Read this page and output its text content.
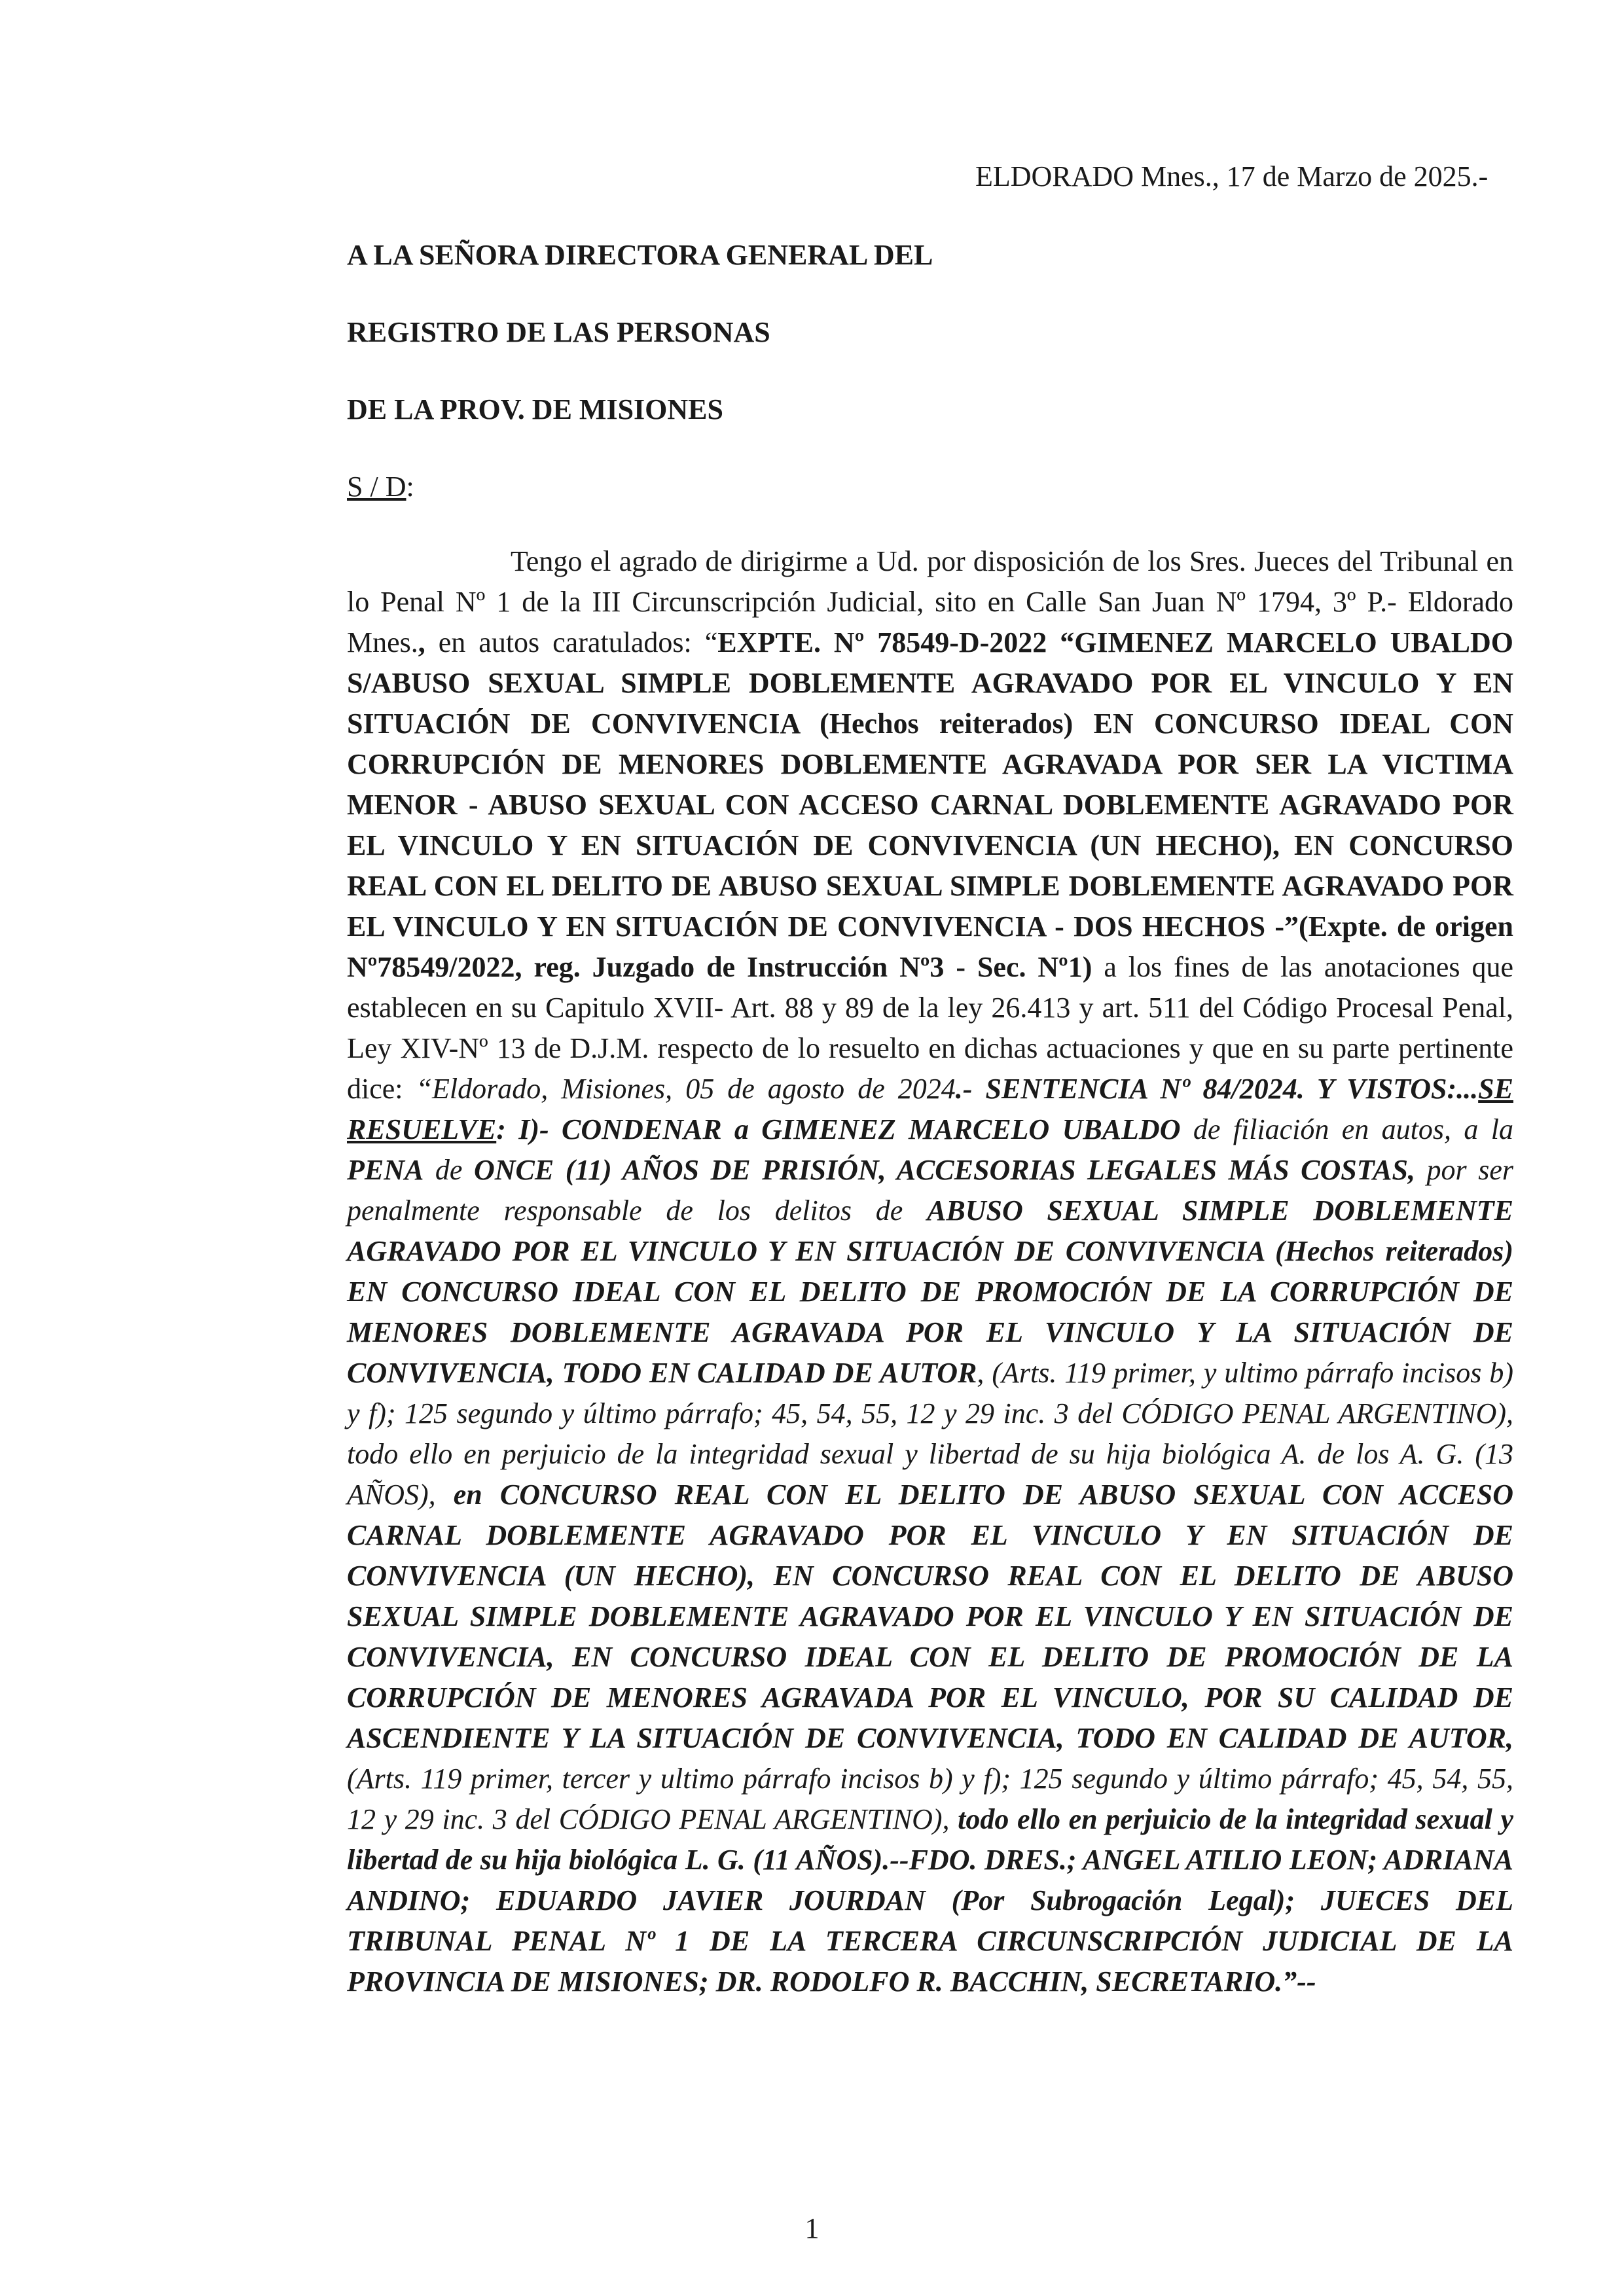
ELDORADO Mnes., 17 de Marzo de 2025.-
A LA SEÑORA DIRECTORA GENERAL DEL
REGISTRO DE LAS PERSONAS
DE LA PROV. DE MISIONES
S / D:

Tengo el agrado de dirigirme a Ud. por disposición de los Sres. Jueces del Tribunal en lo Penal Nº 1 de la III Circunscripción Judicial, sito en Calle San Juan Nº 1794, 3º P.- Eldorado Mnes., en autos caratulados: “EXPTE. Nº 78549-D-2022 “GIMENEZ MARCELO UBALDO S/ABUSO SEXUAL SIMPLE DOBLEMENTE AGRAVADO POR EL VINCULO Y EN SITUACIÓN DE CONVIVENCIA (Hechos reiterados) EN CONCURSO IDEAL CON CORRUPCIÓN DE MENORES DOBLEMENTE AGRAVADA POR SER LA VICTIMA MENOR - ABUSO SEXUAL CON ACCESO CARNAL DOBLEMENTE AGRAVADO POR EL VINCULO Y EN SITUACIÓN DE CONVIVENCIA (UN HECHO), EN CONCURSO REAL CON EL DELITO DE ABUSO SEXUAL SIMPLE DOBLEMENTE AGRAVADO POR EL VINCULO Y EN SITUACIÓN DE CONVIVENCIA - DOS HECHOS -”(Expte. de origen Nº78549/2022, reg. Juzgado de Instrucción Nº3 - Sec. Nº1) a los fines de las anotaciones que establecen en su Capitulo XVII- Art. 88 y 89 de la ley 26.413 y art. 511 del Código Procesal Penal, Ley XIV-Nº 13 de D.J.M. respecto de lo resuelto en dichas actuaciones y que en su parte pertinente dice: “Eldorado, Misiones, 05 de agosto de 2024.- SENTENCIA Nº 84/2024. Y VISTOS:...SE RESUELVE: I)- CONDENAR a GIMENEZ MARCELO UBALDO de filiación en autos, a la PENA de ONCE (11) AÑOS DE PRISIÓN, ACCESORIAS LEGALES MÁS COSTAS, por ser penalmente responsable de los delitos de ABUSO SEXUAL SIMPLE DOBLEMENTE AGRAVADO POR EL VINCULO Y EN SITUACIÓN DE CONVIVENCIA (Hechos reiterados) EN CONCURSO IDEAL CON EL DELITO DE PROMOCIÓN DE LA CORRUPCIÓN DE MENORES DOBLEMENTE AGRAVADA POR EL VINCULO Y LA SITUACIÓN DE CONVIVENCIA, TODO EN CALIDAD DE AUTOR, (Arts. 119 primer, y ultimo párrafo incisos b) y f); 125 segundo y último párrafo; 45, 54, 55, 12 y 29 inc. 3 del CÓDIGO PENAL ARGENTINO), todo ello en perjuicio de la integridad sexual y libertad de su hija biológica A. de los A. G. (13 AÑOS), en CONCURSO REAL CON EL DELITO DE ABUSO SEXUAL CON ACCESO CARNAL DOBLEMENTE AGRAVADO POR EL VINCULO Y EN SITUACIÓN DE CONVIVENCIA (UN HECHO), EN CONCURSO REAL CON EL DELITO DE ABUSO SEXUAL SIMPLE DOBLEMENTE AGRAVADO POR EL VINCULO Y EN SITUACIÓN DE CONVIVENCIA, EN CONCURSO IDEAL CON EL DELITO DE PROMOCIÓN DE LA CORRUPCIÓN DE MENORES AGRAVADA POR EL VINCULO, POR SU CALIDAD DE ASCENDIENTE Y LA SITUACIÓN DE CONVIVENCIA, TODO EN CALIDAD DE AUTOR, (Arts. 119 primer, tercer y ultimo párrafo incisos b) y f); 125 segundo y último párrafo; 45, 54, 55, 12 y 29 inc. 3 del CÓDIGO PENAL ARGENTINO), todo ello en perjuicio de la integridad sexual y libertad de su hija biológica L. G. (11 AÑOS).--FDO. DRES.; ANGEL ATILIO LEON; ADRIANA ANDINO; EDUARDO JAVIER JOURDAN (Por Subrogación Legal); JUECES DEL TRIBUNAL PENAL Nº 1 DE LA TERCERA CIRCUNSCRIPCIÓN JUDICIAL DE LA PROVINCIA DE MISIONES; DR. RODOLFO R. BACCHIN, SECRETARIO.”--

1
